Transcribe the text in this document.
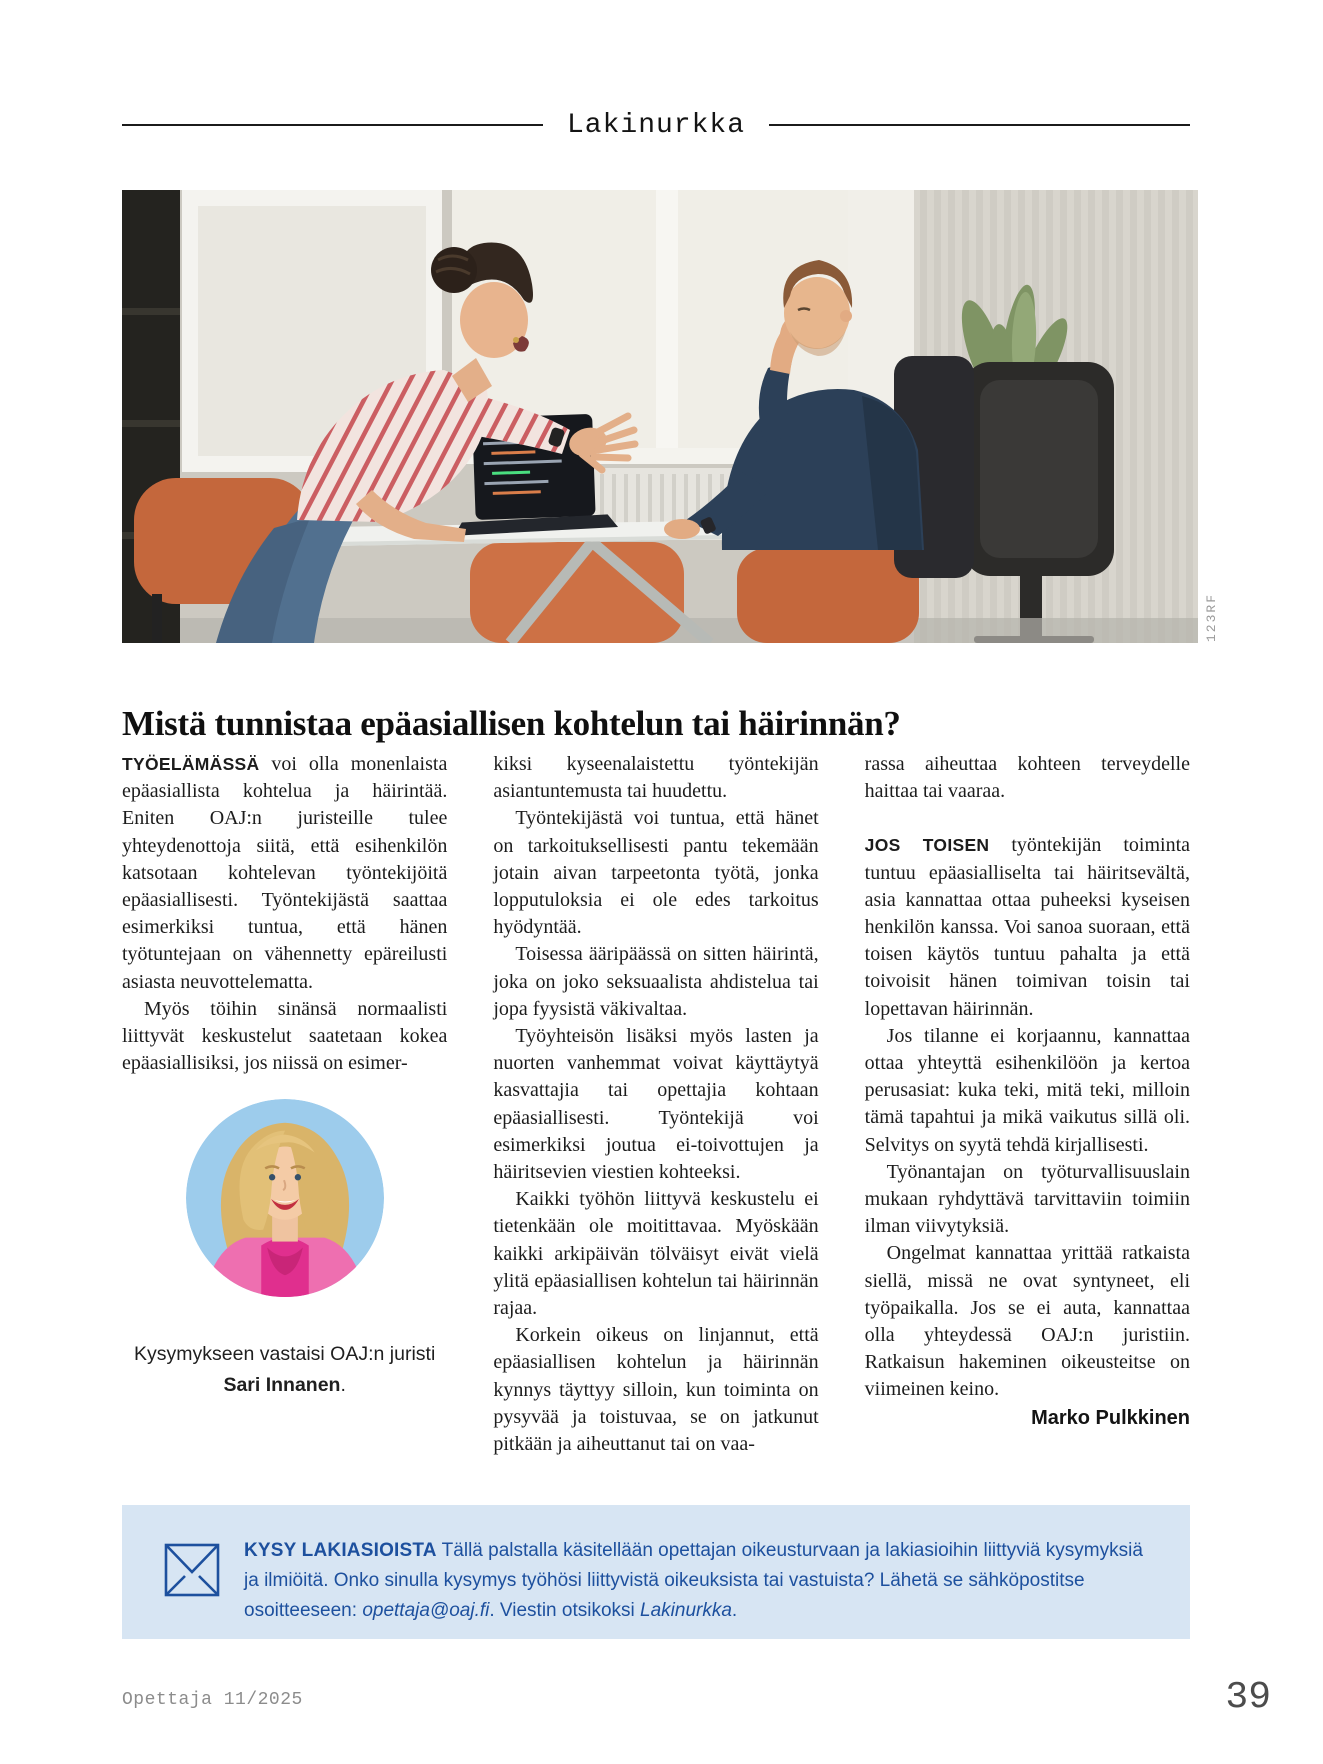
Lakinurkka
123RF
Mistä tunnistaa epäasiallisen kohtelun tai häirinnän?

TYÖELÄMÄSSÄ voi olla monenlaista epäasiallista kohtelua ja häirintää. Eniten OAJ:n juristeille tulee yhteydenottoja siitä, että esihenkilön katsotaan kohtelevan työntekijöitä epäasiallisesti. Työntekijästä saattaa esimerkiksi tuntua, että hänen työtuntejaan on vähennetty epäreilusti asiasta neuvottelematta.

Myös töihin sinänsä normaalisti liittyvät keskustelut saatetaan kokea epäasiallisiksi, jos niissä on esimer-

Kysymykseen vastaisi OAJ:n juristi
Sari Innanen.

kiksi kyseenalaistettu työntekijän asiantuntemusta tai huudettu.

Työntekijästä voi tuntua, että hänet on tarkoituksellisesti pantu tekemään jotain aivan tarpeetonta työtä, jonka lopputuloksia ei ole edes tarkoitus hyödyntää.

Toisessa ääripäässä on sitten häirintä, joka on joko seksuaalista ahdistelua tai jopa fyysistä väkivaltaa.

Työyhteisön lisäksi myös lasten ja nuorten vanhemmat voivat käyttäytyä kasvattajia tai opettajia kohtaan epäasiallisesti. Työntekijä voi esimerkiksi joutua ei-toivottujen ja häiritsevien viestien kohteeksi.

Kaikki työhön liittyvä keskustelu ei tietenkään ole moitittavaa. Myöskään kaikki arkipäivän tölväisyt eivät vielä ylitä epäasiallisen kohtelun tai häirinnän rajaa.

Korkein oikeus on linjannut, että epäasiallisen kohtelun ja häirinnän kynnys täyttyy silloin, kun toiminta on pysyvää ja toistuvaa, se on jatkunut pitkään ja aiheuttanut tai on vaa-

rassa aiheuttaa kohteen terveydelle haittaa tai vaaraa.

JOS TOISEN työntekijän toiminta tuntuu epäasialliselta tai häiritsevältä, asia kannattaa ottaa puheeksi kyseisen henkilön kanssa. Voi sanoa suoraan, että toisen käytös tuntuu pahalta ja että toivoisit hänen toimivan toisin tai lopettavan häirinnän.

Jos tilanne ei korjaannu, kannattaa ottaa yhteyttä esihenkilöön ja kertoa perusasiat: kuka teki, mitä teki, milloin tämä tapahtui ja mikä vaikutus sillä oli. Selvitys on syytä tehdä kirjallisesti.

Työnantajan on työturvallisuuslain mukaan ryhdyttävä tarvittaviin toimiin ilman viivytyksiä.

Ongelmat kannattaa yrittää ratkaista siellä, missä ne ovat syntyneet, eli työpaikalla. Jos se ei auta, kannattaa olla yhteydessä OAJ:n juristiin. Ratkaisun hakeminen oikeusteitse on viimeinen keino.

Marko Pulkkinen
KYSY LAKIASIOISTA Tällä palstalla käsitellään opettajan oikeusturvaan ja lakiasioihin liittyviä kysymyksiä ja ilmiöitä. Onko sinulla kysymys työhösi liittyvistä oikeuksista tai vastuista? Lähetä se sähköpostitse osoitteeseen: opettaja@oaj.fi. Viestin otsikoksi Lakinurkka.
Opettaja 11/2025	39
